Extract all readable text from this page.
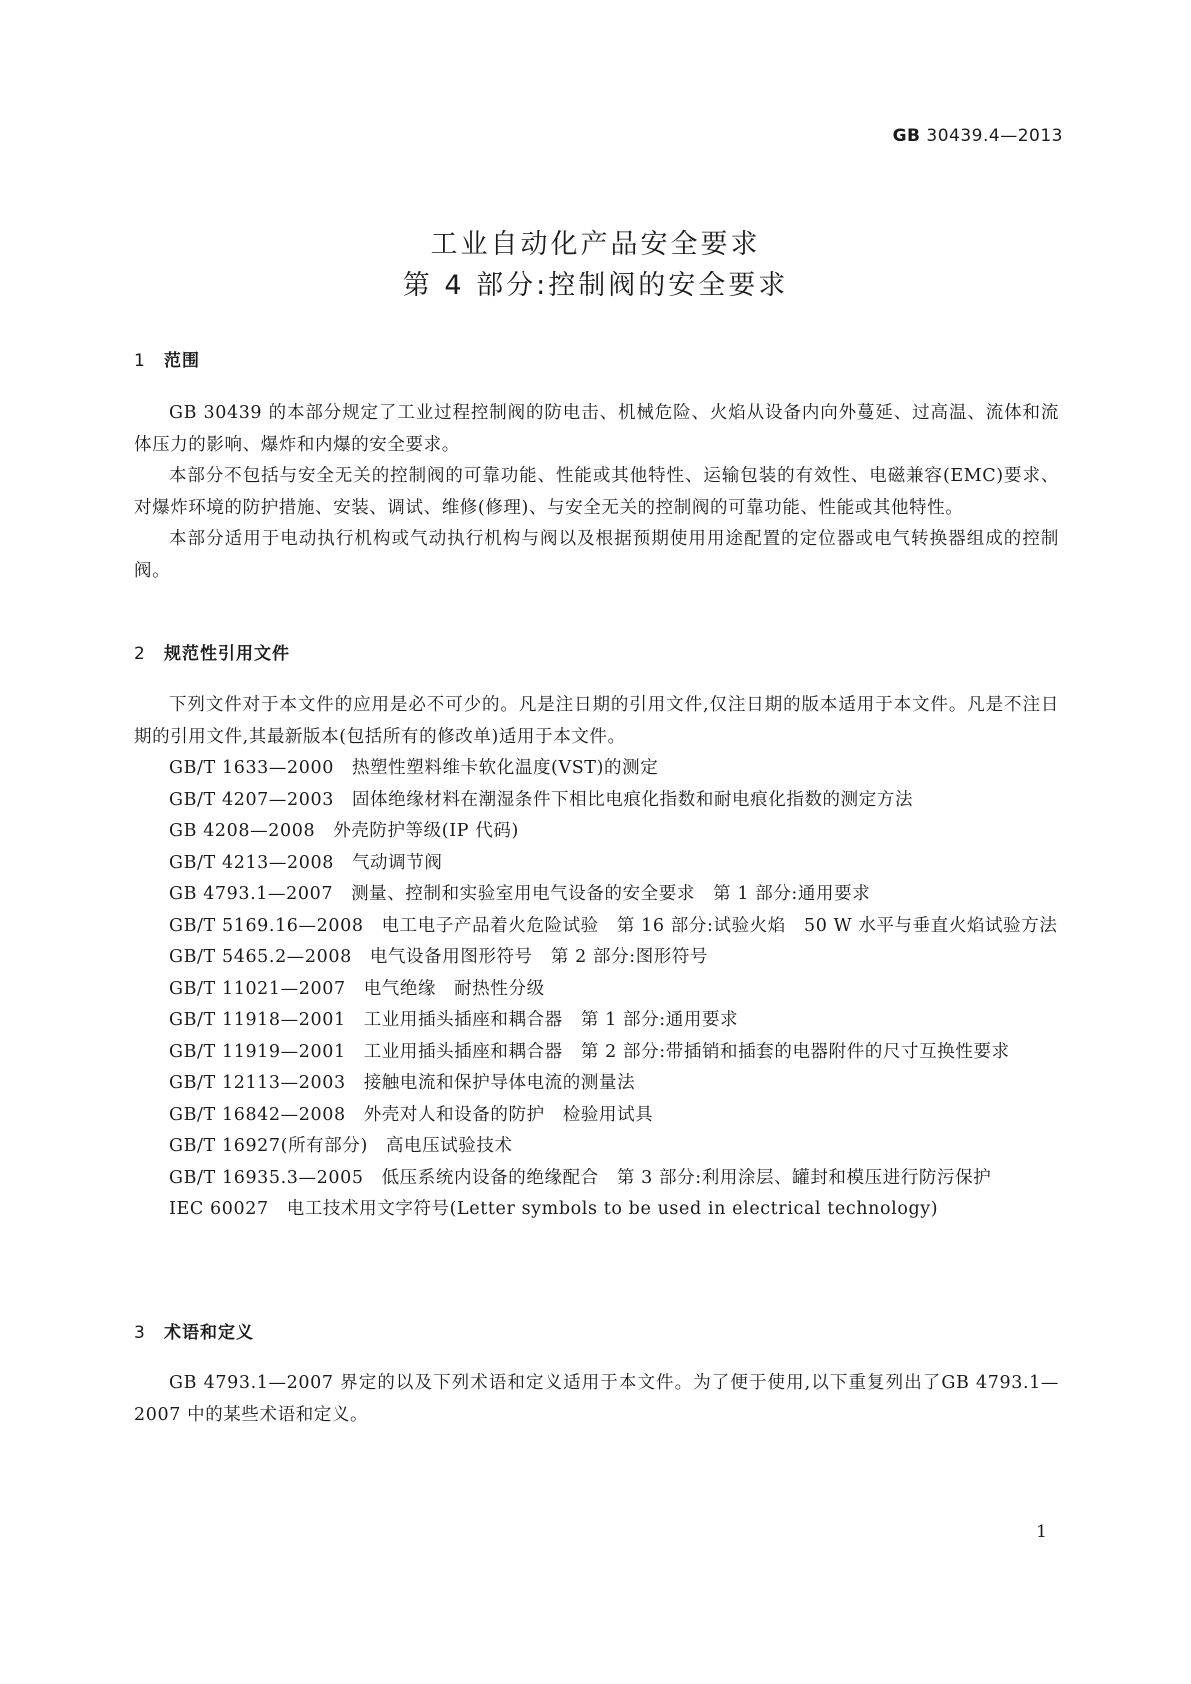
GB 30439.4—2013
工业自动化产品安全要求
第 4 部分:控制阀的安全要求
1 范围

GB 30439 的本部分规定了工业过程控制阀的防电击、机械危险、火焰从设备内向外蔓延、过高温、流体和流体压力的影响、爆炸和内爆的安全要求。

本部分不包括与安全无关的控制阀的可靠功能、性能或其他特性、运输包装的有效性、电磁兼容(EMC)要求、对爆炸环境的防护措施、安装、调试、维修(修理)、与安全无关的控制阀的可靠功能、性能或其他特性。

本部分适用于电动执行机构或气动执行机构与阀以及根据预期使用用途配置的定位器或电气转换器组成的控制阀。

2 规范性引用文件

下列文件对于本文件的应用是必不可少的。凡是注日期的引用文件,仅注日期的版本适用于本文件。凡是不注日期的引用文件,其最新版本(包括所有的修改单)适用于本文件。

GB/T 1633—2000 热塑性塑料维卡软化温度(VST)的测定
GB/T 4207—2003 固体绝缘材料在潮湿条件下相比电痕化指数和耐电痕化指数的测定方法
GB 4208—2008 外壳防护等级(IP 代码)
GB/T 4213—2008 气动调节阀
GB 4793.1—2007 测量、控制和实验室用电气设备的安全要求　第 1 部分:通用要求
GB/T 5169.16—2008 电工电子产品着火危险试验　第 16 部分:试验火焰　50 W 水平与垂直火焰试验方法
GB/T 5465.2—2008 电气设备用图形符号　第 2 部分:图形符号
GB/T 11021—2007 电气绝缘　耐热性分级
GB/T 11918—2001 工业用插头插座和耦合器　第 1 部分:通用要求
GB/T 11919—2001 工业用插头插座和耦合器　第 2 部分:带插销和插套的电器附件的尺寸互换性要求
GB/T 12113—2003 接触电流和保护导体电流的测量法
GB/T 16842—2008 外壳对人和设备的防护　检验用试具
GB/T 16927(所有部分) 高电压试验技术
GB/T 16935.3—2005 低压系统内设备的绝缘配合　第 3 部分:利用涂层、罐封和模压进行防污保护
IEC 60027 电工技术用文字符号(Letter symbols to be used in electrical technology)
3 术语和定义

GB 4793.1—2007 界定的以及下列术语和定义适用于本文件。为了便于使用,以下重复列出了GB 4793.1—2007 中的某些术语和定义。

1
